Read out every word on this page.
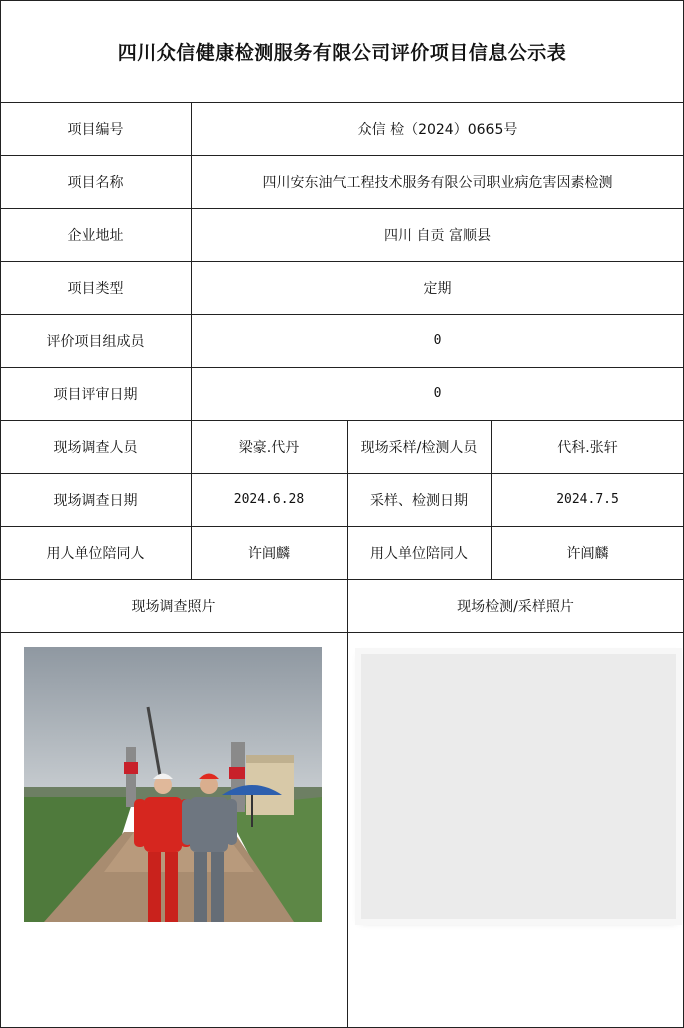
四川众信健康检测服务有限公司评价项目信息公示表
项目编号	众信 检（2024）0665号
项目名称	四川安东油气工程技术服务有限公司职业病危害因素检测
企业地址	四川 自贡 富顺县
项目类型	定期
评价项目组成员	0
项目评审日期	0
现场调查人员	梁豪.代丹	现场采样/检测人员	代科.张轩
现场调查日期	2024.6.28	采样、检测日期	2024.7.5
用人单位陪同人	许阊麟	用人单位陪同人	许阊麟
现场调查照片	现场检测/采样照片
